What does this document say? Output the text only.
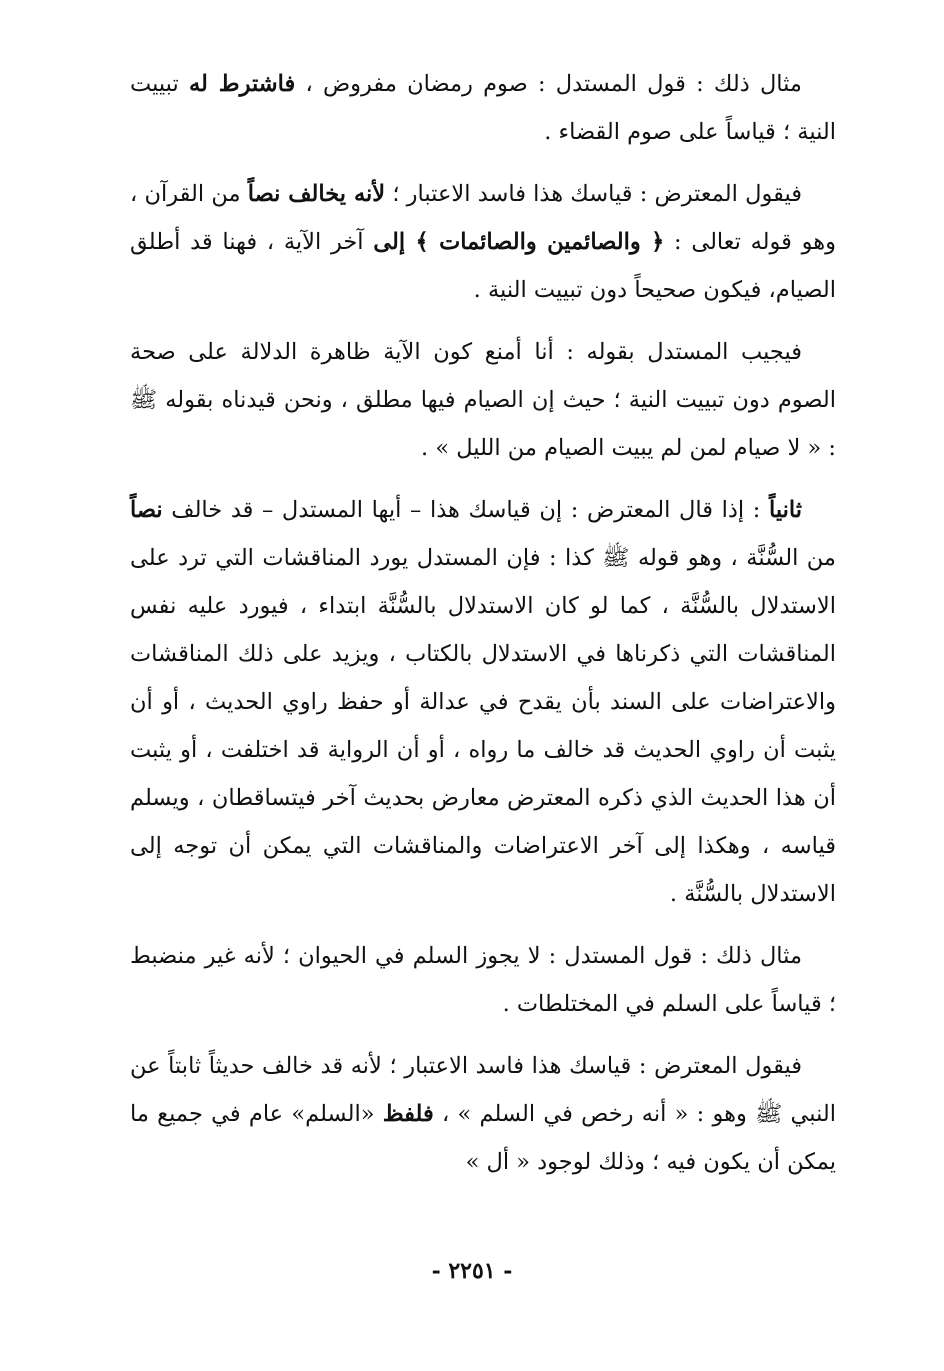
مثال ذلك : قول المستدل : صوم رمضان مفروض ، فاشترط له تبييت النية ؛ قياساً على صوم القضاء .

فيقول المعترض : قياسك هذا فاسد الاعتبار ؛ لأنه يخالف نصاً من القرآن ، وهو قوله تعالى : ﴿ والصائمين والصائمات ﴾ إلى آخر الآية ، فهنا قد أطلق الصيام، فيكون صحيحاً دون تبييت النية .

فيجيب المستدل بقوله : أنا أمنع كون الآية ظاهرة الدلالة على صحة الصوم دون تبييت النية ؛ حيث إن الصيام فيها مطلق ، ونحن قيدناه بقوله ﷺ : « لا صيام لمن لم يبيت الصيام من الليل » .

ثانياً : إذا قال المعترض : إن قياسك هذا – أيها المستدل – قد خالف نصاً من السُّنَّة ، وهو قوله ﷺ كذا : فإن المستدل يورد المناقشات التي ترد على الاستدلال بالسُّنَّة ، كما لو كان الاستدلال بالسُّنَّة ابتداء ، فيورد عليه نفس المناقشات التي ذكرناها في الاستدلال بالكتاب ، ويزيد على ذلك المناقشات والاعتراضات على السند بأن يقدح في عدالة أو حفظ راوي الحديث ، أو أن يثبت أن راوي الحديث قد خالف ما رواه ، أو أن الرواية قد اختلفت ، أو يثبت أن هذا الحديث الذي ذكره المعترض معارض بحديث آخر فيتساقطان ، ويسلم قياسه ، وهكذا إلى آخر الاعتراضات والمناقشات التي يمكن أن توجه إلى الاستدلال بالسُّنَّة .

مثال ذلك : قول المستدل : لا يجوز السلم في الحيوان ؛ لأنه غير منضبط ؛ قياساً على السلم في المختلطات .

فيقول المعترض : قياسك هذا فاسد الاعتبار ؛ لأنه قد خالف حديثاً ثابتاً عن النبي ﷺ وهو : « أنه رخص في السلم » ، فلفظ «السلم» عام في جميع ما يمكن أن يكون فيه ؛ وذلك لوجود « أل »

- ٢٢٥١ -
